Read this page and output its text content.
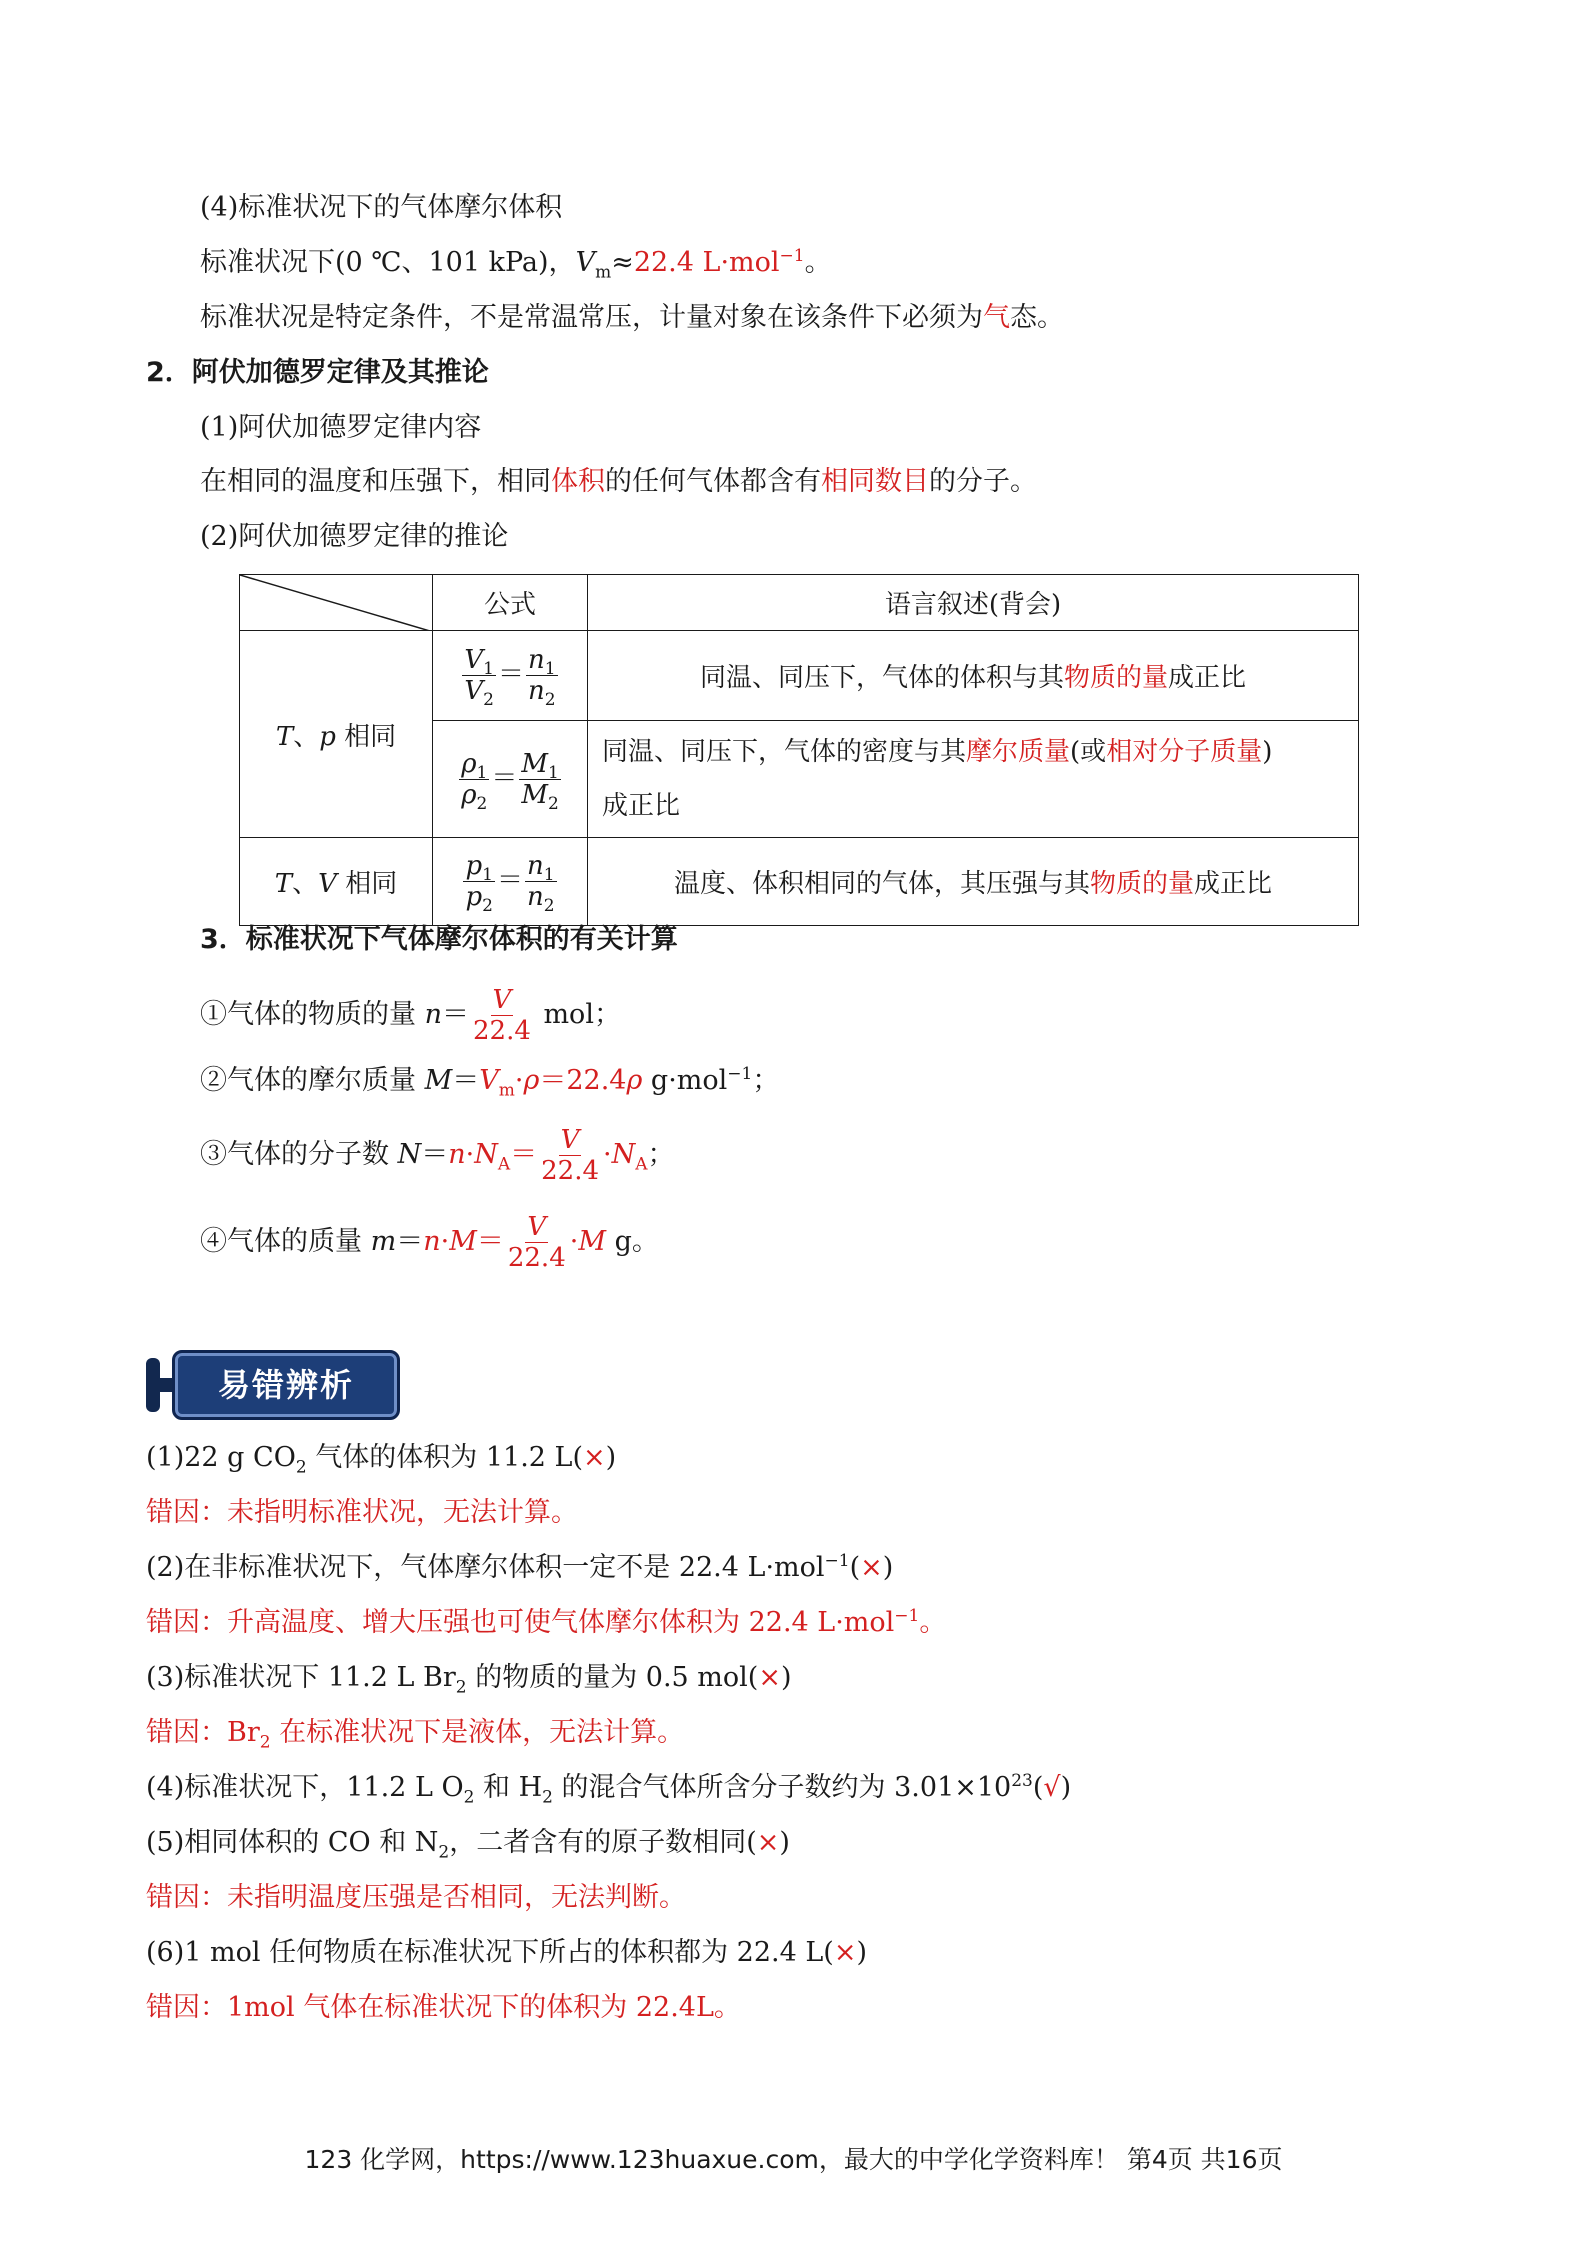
(4)标准状况下的气体摩尔体积
标准状况下(0 ℃、101 kPa)，$V_m\approx 22.4$ L·mol$^{-1}$。
标准状况是特定条件，不是常温常压，计量对象在该条件下必须为气态。
2．阿伏加德罗定律及其推论
(1)阿伏加德罗定律内容
在相同的温度和压强下，相同体积的任何气体都含有相同数目的分子。
(2)阿伏加德罗定律的推论
	公式	语言叙述(背会)
T、p 相同	$\frac{V_1}{V_2} = \frac{n_1}{n_2}$	同温、同压下，气体的体积与其物质的量成正比

	$\frac{\rho_1}{\rho_2} = \frac{M_1}{M_2}$	同温、同压下，气体的密度与其摩尔质量(或相对分子质量)
成正比
T、V 相同	$\frac{p_1}{p_2} = \frac{n_1}{n_2}$	温度、体积相同的气体，其压强与其物质的量成正比
3．标准状况下气体摩尔体积的有关计算
①气体的物质的量 $n= \frac{V}{22.4}$ mol；
②气体的摩尔质量 $M=V_m\cdot\rho=22.4\rho$ g·mol$^{-1}$；
③气体的分子数 $N=n\cdot N_A= \frac{V}{22.4} \cdot N_A$；
④气体的质量 $m=n\cdot M= \frac{V}{22.4} \cdot M$ g。
易错辨析
(1)22 g $CO_2$ 气体的体积为 11.2 L(×)
错因：未指明标准状况，无法计算。
(2)在非标准状况下，气体摩尔体积一定不是 22.4 L·mol$^{-1}$(×)
错因：升高温度、增大压强也可使气体摩尔体积为 22.4 L·mol$^{-1}$。
(3)标准状况下 11.2 L $Br_2$ 的物质的量为 0.5 mol(×)
错因：$Br_2$ 在标准状况下是液体，无法计算。
(4)标准状况下，11.2 L $O_2$ 和 $H_2$ 的混合气体所含分子数约为 $3.01\times 10^{23}(√)$
(5)相同体积的 CO 和 $N_2$，二者含有的原子数相同(×)
错因：未指明温度压强是否相同，无法判断。
(6)1 mol 任何物质在标准状况下所占的体积都为 22.4 L(×)
错因：1mol 气体在标准状况下的体积为 22.4L。
123 化学网，https://www.123huaxue.com，最大的中学化学资料库！ 第4页 共16页
